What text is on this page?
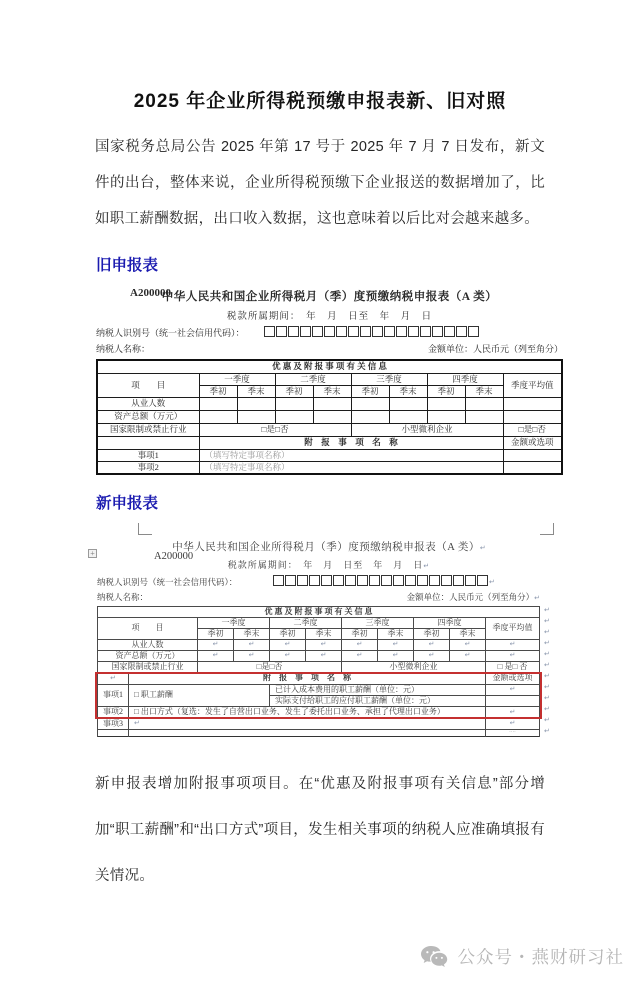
2025 年企业所得税预缴申报表新、旧对照

国家税务总局公告 2025 年第 17 号于 2025 年 7 月 7 日发布，新文件的出台，整体来说，企业所得税预缴下企业报送的数据增加了，比如职工薪酬数据，出口收入数据，这也意味着以后比对会越来越多。

旧申报表
A200000
中华人民共和国企业所得税月（季）度预缴纳税申报表（A 类）
税款所属期间：　年　月　日至　年　月　日
纳税人识别号（统一社会信用代码）：
纳税人名称：	金额单位：人民币元（列至角分）
优 惠 及 附 报 事 项 有 关 信 息									
项　　目	一季度		二季度		三季度		四季度		季度平均值
	季初	季末	季初	季末	季初	季末	季初	季末	
从业人数									
资产总额（万元）									
国家限制或禁止行业	□是□否				小型微利企业				□是□否
	附　报　事　项　名　称								金额或选项
事项1	（填写特定事项名称）								
事项2	（填写特定事项名称）								
新申报表
+	A200000
中华人民共和国企业所得税月（季）度预缴纳税申报表（A 类）↵
税款所属期间：　年　月　日至　年　月　日↵
纳税人识别号（统一社会信用代码）：	↵
纳税人名称：	金额单位：人民币元（列至角分）↵
优 惠 及 附 报 事 项 有 关 信 息										
项　　目		一季度		二季度		三季度		四季度		季度平均值
		季初	季末	季初	季末	季初	季末	季初	季末	
从业人数		↵	↵	↵	↵	↵	↵	↵	↵	↵
资产总额（万元）		↵	↵	↵	↵	↵	↵	↵	↵	↵
国家限制或禁止行业		□是□否				小型微利企业				□ 是□ 否
↵	附　报　事　项　名　称									金额或选项
事项1	□ 职工薪酬			已计入成本费用的职工薪酬（单位：元）						↵
				实际支付给职工的应付职工薪酬（单位：元）						
事项2	□ 出口方式（复选：发生了自营出口业务、发生了委托出口业务、承担了代理出口业务）									↵
事项3	↵									↵
										····
↵
↵
↵
↵
↵
↵
↵
↵
↵
↵
↵
↵

新申报表增加附报事项项目。在“优惠及附报事项有关信息”部分增加“职工薪酬”和“出口方式”项目，发生相关事项的纳税人应准确填报有关情况。

公众号・燕财研习社
